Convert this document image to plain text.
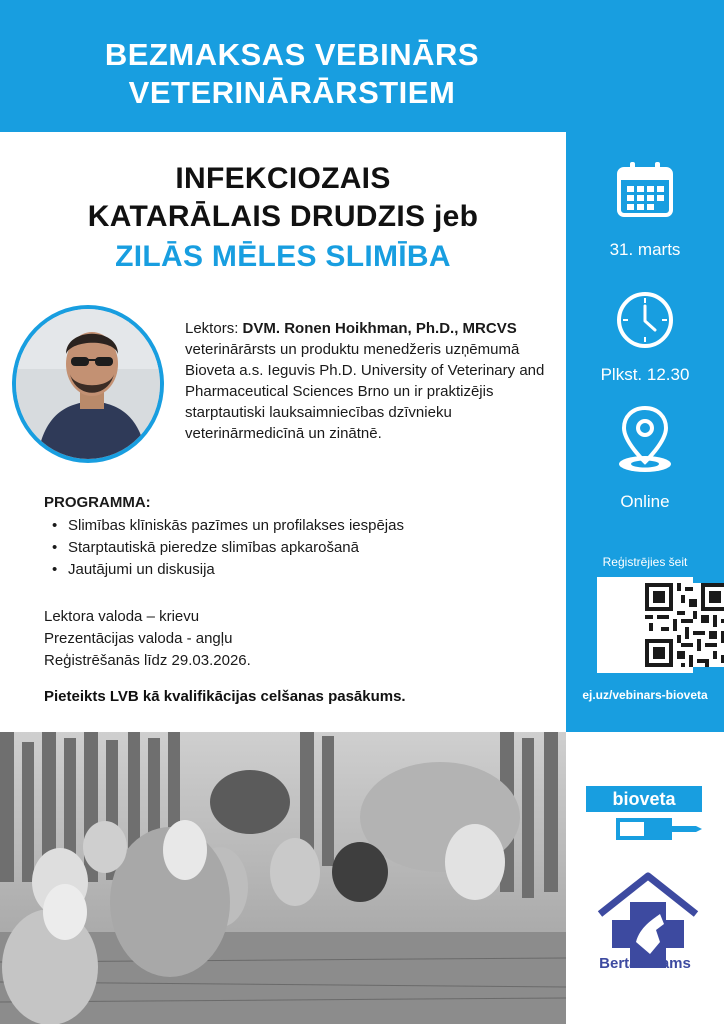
BEZMAKSAS VEBINĀRS
VETERINĀRĀRSTIEM
INFEKCIOZAIS
KATARĀLAIS DRUDZIS jeb
ZILĀS MĒLES SLIMĪBA
Lektors: DVM. Ronen Hoikhman, Ph.D., MRCVS veterinārārsts un produktu menedžeris uzņēmumā Bioveta a.s. Ieguvis Ph.D. University of Veterinary and Pharmaceutical Sciences Brno un ir praktizējis starptautiski lauksaimniecības dzīvnieku veterinārmedicīnā un zinātnē.
PROGRAMMA:
• Slimības klīniskās pazīmes un profilakses iespējas
• Starptautiskā pieredze slimības apkarošanā
• Jautājumi un diskusija
Lektora valoda – krievu
Prezentācijas valoda - angļu
Reģistrēšanās līdz 29.03.2026.
Pieteikts LVB kā kvalifikācijas celšanas pasākums.
31. marts
Plkst. 12.30
Online
Reģistrējies šeit
ej.uz/vebinars-bioveta
bioveta
Bertas Nams
